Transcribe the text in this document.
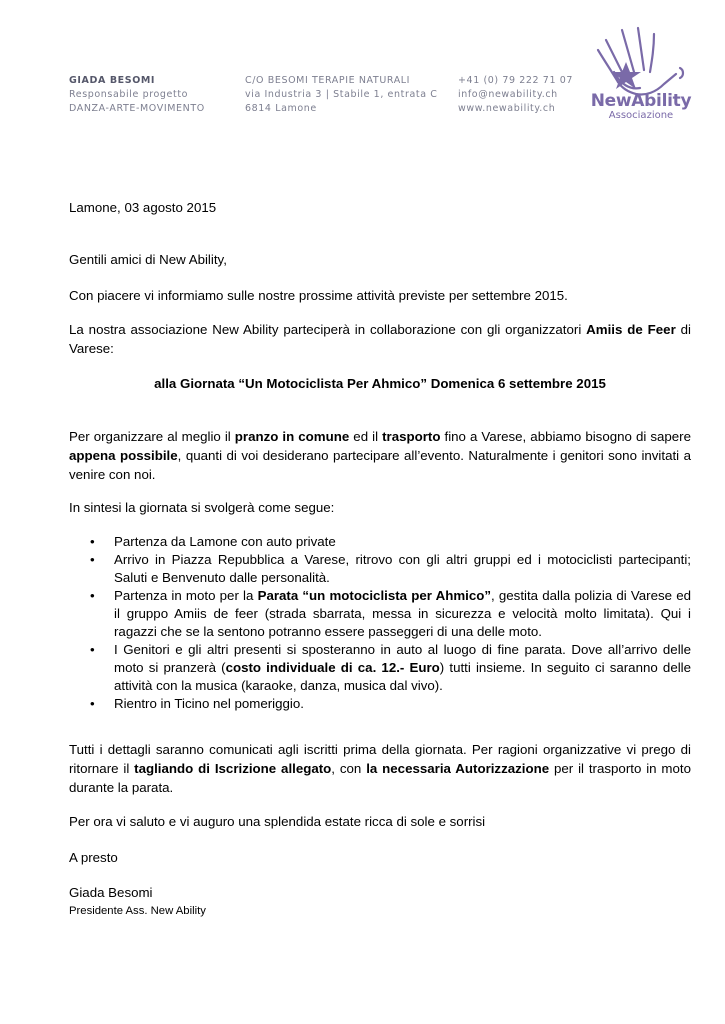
GIADA BESOMI
Responsabile progetto
DANZA-ARTE-MOVIMENTO
C/O BESOMI TERAPIE NATURALI
via Industria 3 | Stabile 1, entrata C
6814 Lamone
+41 (0) 79 222 71 07
info@newability.ch
www.newability.ch	NewAbility
Associazione

Lamone, 03 agosto 2015

Gentili amici di New Ability,

Con piacere vi informiamo sulle nostre prossime attività previste per settembre 2015.

La nostra associazione New Ability parteciperà in collaborazione con gli organizzatori Amiis de Feer di Varese:

alla Giornata “Un Motociclista Per Ahmico” Domenica 6 settembre 2015

Per organizzare al meglio il pranzo in comune ed il trasporto fino a Varese, abbiamo bisogno di sapere appena possibile, quanti di voi desiderano partecipare all’evento. Naturalmente i genitori sono invitati a venire con noi.

In sintesi la giornata si svolgerà come segue:

• Partenza da Lamone con auto private
• Arrivo in Piazza Repubblica a Varese, ritrovo con gli altri gruppi ed i motociclisti partecipanti; Saluti e Benvenuto dalle personalità.
• Partenza in moto per la Parata “un motociclista per Ahmico”, gestita dalla polizia di Varese ed il gruppo Amiis de feer (strada sbarrata, messa in sicurezza e velocità molto limitata). Qui i ragazzi che se la sentono potranno essere passeggeri di una delle moto.
• I Genitori e gli altri presenti si sposteranno in auto al luogo di fine parata. Dove all’arrivo delle moto si pranzerà (costo individuale di ca. 12.- Euro) tutti insieme. In seguito ci saranno delle attività con la musica (karaoke, danza, musica dal vivo).
• Rientro in Ticino nel pomeriggio.

Tutti i dettagli saranno comunicati agli iscritti prima della giornata. Per ragioni organizzative vi prego di ritornare il tagliando di Iscrizione allegato, con la necessaria Autorizzazione per il trasporto in moto durante la parata.

Per ora vi saluto e vi auguro una splendida estate ricca di sole e sorrisi

A presto

Giada Besomi

Presidente Ass. New Ability
